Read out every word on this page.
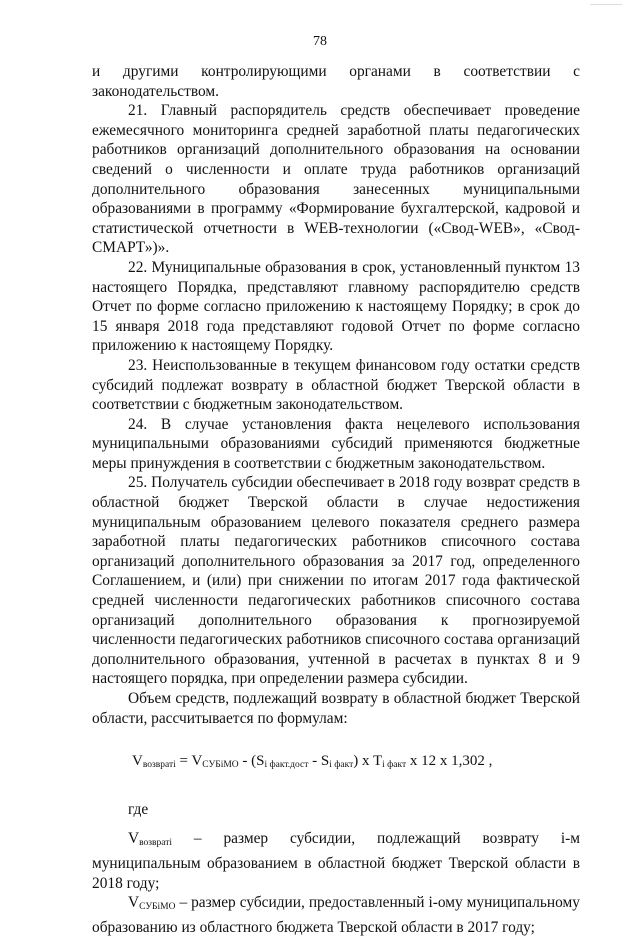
78

и другими контролирующими органами в соответствии с

законодательством.

21. Главный распорядитель средств обеспечивает проведение ежемесячного мониторинга средней заработной платы педагогических работников организаций дополнительного образования на основании сведений о численности и оплате труда работников организаций дополнительного образования занесенных муниципальными образованиями в программу «Формирование бухгалтерской, кадровой и статистической отчетности в WEB-технологии («Свод-WEB», «Свод-СМАРТ»)».

22. Муниципальные образования в срок, установленный пунктом 13 настоящего Порядка, представляют главному распорядителю средств Отчет по форме согласно приложению к настоящему Порядку; в срок до 15 января 2018 года представляют годовой Отчет по форме согласно приложению к настоящему Порядку.

23. Неиспользованные в текущем финансовом году остатки средств субсидий подлежат возврату в областной бюджет Тверской области в соответствии с бюджетным законодательством.

24. В случае установления факта нецелевого использования муниципальными образованиями субсидий применяются бюджетные меры принуждения в соответствии с бюджетным законодательством.

25. Получатель субсидии обеспечивает в 2018 году возврат средств в областной бюджет Тверской области в случае недостижения муниципальным образованием целевого показателя среднего размера заработной платы педагогических работников списочного состава организаций дополнительного образования за 2017 год, определенного Соглашением, и (или) при снижении по итогам 2017 года фактической средней численности педагогических работников списочного состава организаций дополнительного образования к прогнозируемой численности педагогических работников списочного состава организаций дополнительного образования, учтенной в расчетах в пунктах 8 и 9 настоящего порядка, при определении размера субсидии.

Объем средств, подлежащий возврату в областной бюджет Тверской области, рассчитывается по формулам:

$V_{возвратi} = V_{СУБiМО} - (S_{i факт.дост} - S_{i факт})$ x $T_{i факт}$ x 12 x 1,302 ,

где

$V_{возвратi}$ – размер субсидии, подлежащий возврату i-м муниципальным образованием в областной бюджет Тверской области в 2018 году;

$V_{СУБiМО}$ – размер субсидии, предоставленный i-ому муниципальному образованию из областного бюджета Тверской области в 2017 году;
